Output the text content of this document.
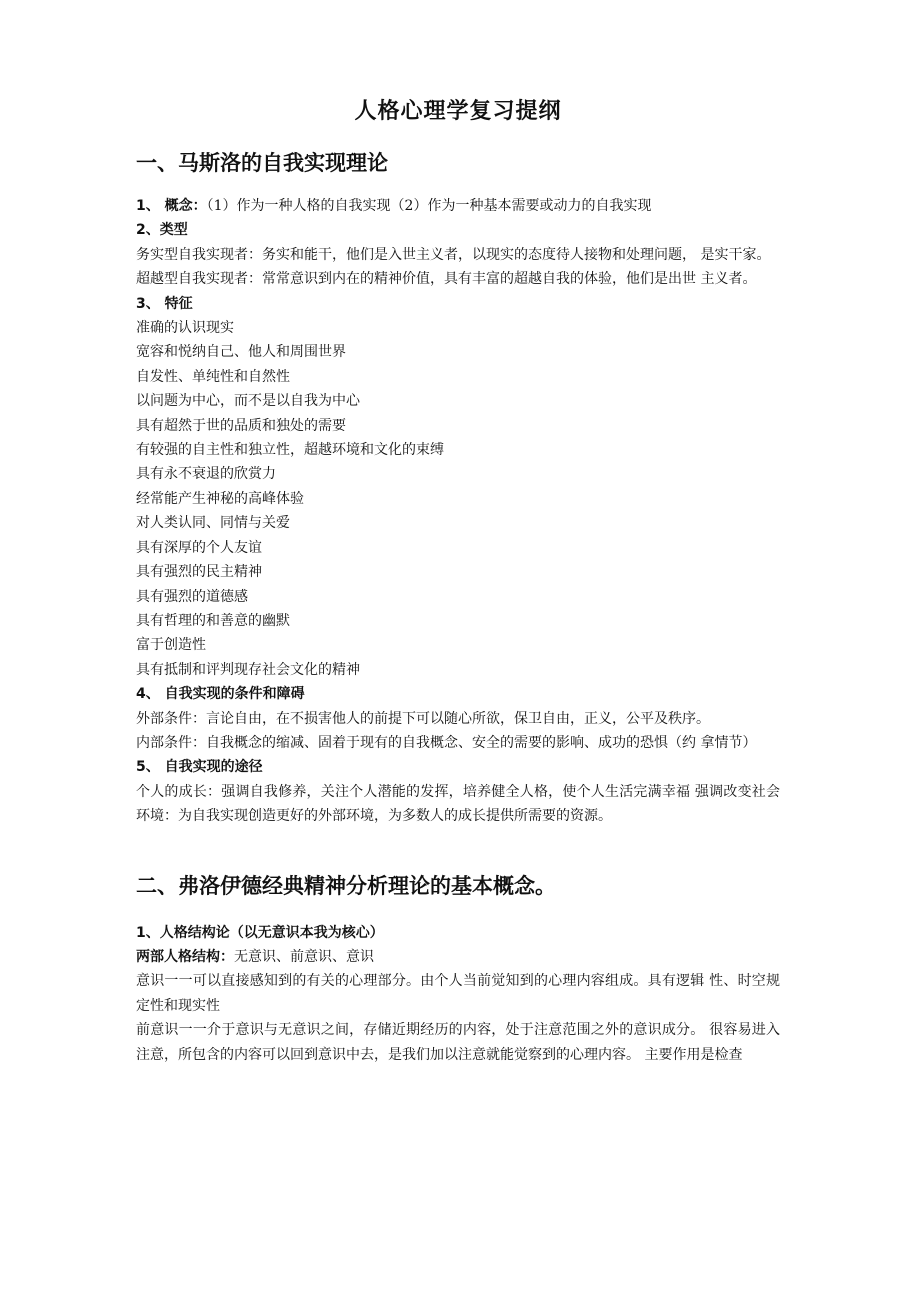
人格心理学复习提纲
一、马斯洛的自我实现理论

1、 概念：（1）作为一种人格的自我实现（2）作为一种基本需要或动力的自我实现

2、类型

务实型自我实现者：务实和能干，他们是入世主义者，以现实的态度待人接物和处理问题， 是实干家。

超越型自我实现者：常常意识到内在的精神价值，具有丰富的超越自我的体验，他们是出世 主义者。

3、 特征

准确的认识现实

宽容和悦纳自己、他人和周围世界

自发性、单纯性和自然性

以问题为中心，而不是以自我为中心

具有超然于世的品质和独处的需要

有较强的自主性和独立性，超越环境和文化的束缚

具有永不衰退的欣赏力

经常能产生神秘的高峰体验

对人类认同、同情与关爱

具有深厚的个人友谊

具有强烈的民主精神

具有强烈的道德感

具有哲理的和善意的幽默

富于创造性

具有抵制和评判现存社会文化的精神

4、 自我实现的条件和障碍

外部条件：言论自由，在不损害他人的前提下可以随心所欲，保卫自由，正义，公平及秩序。

内部条件：自我概念的缩减、固着于现有的自我概念、安全的需要的影响、成功的恐惧（约 拿情节）

5、 自我实现的途径

个人的成长：强调自我修养，关注个人潜能的发挥，培养健全人格，使个人生活完满幸福 强调改变社会环境：为自我实现创造更好的外部环境，为多数人的成长提供所需要的资源。

二、弗洛伊德经典精神分析理论的基本概念。

1、人格结构论（以无意识本我为核心）

两部人格结构：无意识、前意识、意识

意识一一可以直接感知到的有关的心理部分。由个人当前觉知到的心理内容组成。具有逻辑 性、时空规定性和现实性

前意识一一介于意识与无意识之间，存储近期经历的内容，处于注意范围之外的意识成分。 很容易进入注意，所包含的内容可以回到意识中去，是我们加以注意就能觉察到的心理内容。 主要作用是检查
